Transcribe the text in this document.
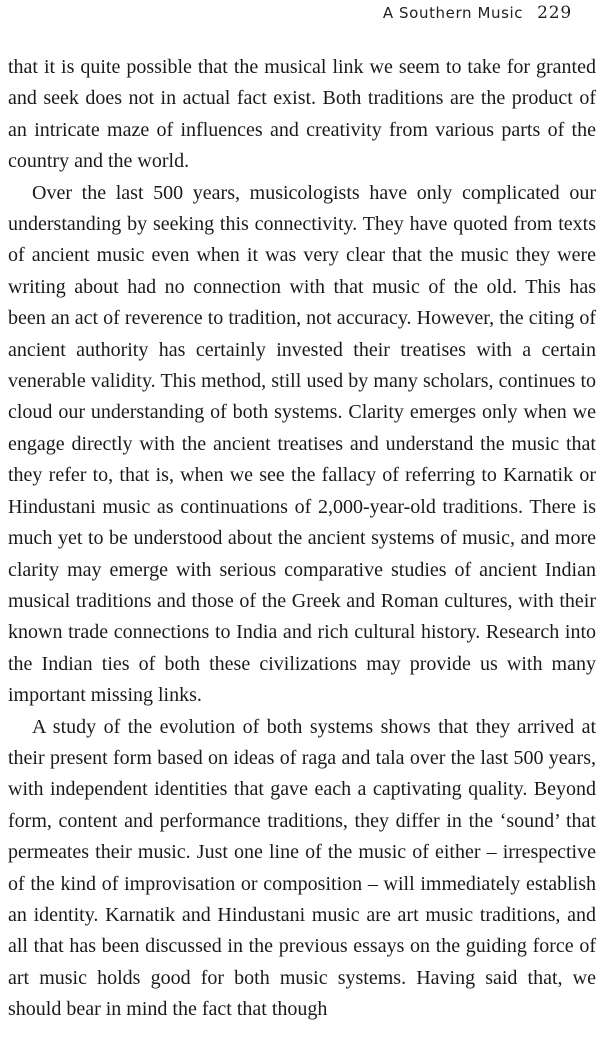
A Southern Music 229

that it is quite possible that the musical link we seem to take for granted and seek does not in actual fact exist. Both traditions are the product of an intricate maze of influences and creativity from various parts of the country and the world.

Over the last 500 years, musicologists have only complicated our understanding by seeking this connectivity. They have quoted from texts of ancient music even when it was very clear that the music they were writing about had no connection with that music of the old. This has been an act of reverence to tradition, not accuracy. However, the citing of ancient authority has certainly invested their treatises with a certain venerable validity. This method, still used by many scholars, continues to cloud our understanding of both systems. Clarity emerges only when we engage directly with the ancient treatises and understand the music that they refer to, that is, when we see the fallacy of referring to Karnatik or Hindustani music as continuations of 2,000-year-old traditions. There is much yet to be understood about the ancient systems of music, and more clarity may emerge with serious comparative studies of ancient Indian musical traditions and those of the Greek and Roman cultures, with their known trade connections to India and rich cultural history. Research into the Indian ties of both these civilizations may provide us with many important missing links.

A study of the evolution of both systems shows that they arrived at their present form based on ideas of raga and tala over the last 500 years, with independent identities that gave each a captivating quality. Beyond form, content and performance traditions, they differ in the ‘sound’ that permeates their music. Just one line of the music of either – irrespective of the kind of improvisation or composition – will immediately establish an identity. Karnatik and Hindustani music are art music traditions, and all that has been discussed in the previous essays on the guiding force of art music holds good for both music systems. Having said that, we should bear in mind the fact that though
